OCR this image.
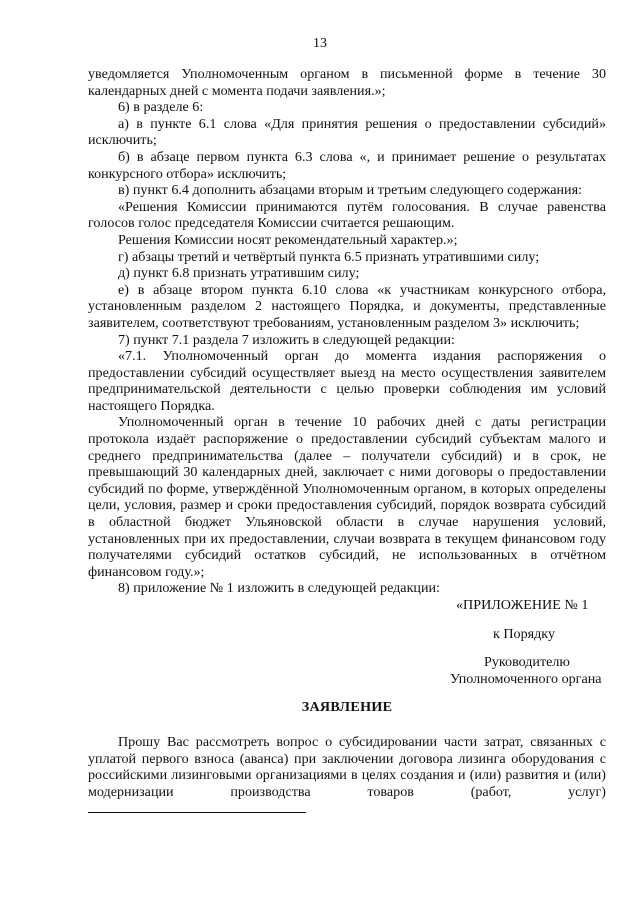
13

уведомляется Уполномоченным органом в письменной форме в течение 30 календарных дней с момента подачи заявления.»;

6) в разделе 6:

а) в пункте 6.1 слова «Для принятия решения о предоставлении субсидий» исключить;

б) в абзаце первом пункта 6.3 слова «, и принимает решение о результатах конкурсного отбора» исключить;

в) пункт 6.4 дополнить абзацами вторым и третьим следующего содержания:

«Решения Комиссии принимаются путём голосования. В случае равенства голосов голос председателя Комиссии считается решающим.

Решения Комиссии носят рекомендательный характер.»;

г) абзацы третий и четвёртый пункта 6.5 признать утратившими силу;

д) пункт 6.8 признать утратившим силу;

е) в абзаце втором пункта 6.10 слова «к участникам конкурсного отбора, установленным разделом 2 настоящего Порядка, и документы, представленные заявителем, соответствуют требованиям, установленным разделом 3» исключить;

7) пункт 7.1 раздела 7 изложить в следующей редакции:

«7.1. Уполномоченный орган до момента издания распоряжения о предоставлении субсидий осуществляет выезд на место осуществления заявителем предпринимательской деятельности с целью проверки соблюдения им условий настоящего Порядка.

Уполномоченный орган в течение 10 рабочих дней с даты регистрации протокола издаёт распоряжение о предоставлении субсидий субъектам малого и среднего предпринимательства (далее – получатели субсидий) и в срок, не превышающий 30 календарных дней, заключает с ними договоры о предоставлении субсидий по форме, утверждённой Уполномоченным органом, в которых определены цели, условия, размер и сроки предоставления субсидий, порядок возврата субсидий в областной бюджет Ульяновской области в случае нарушения условий, установленных при их предоставлении, случаи возврата в текущем финансовом году получателями субсидий остатков субсидий, не использованных в отчётном финансовом году.»;

8) приложение № 1 изложить в следующей редакции:

«ПРИЛОЖЕНИЕ № 1

к Порядку

Руководителю

Уполномоченного органа

ЗАЯВЛЕНИЕ

Прошу Вас рассмотреть вопрос о субсидировании части затрат, связанных с уплатой первого взноса (аванса) при заключении договора лизинга оборудования с российскими лизинговыми организациями в целях создания и (или) развития и (или) модернизации производства товаров (работ, услуг)
